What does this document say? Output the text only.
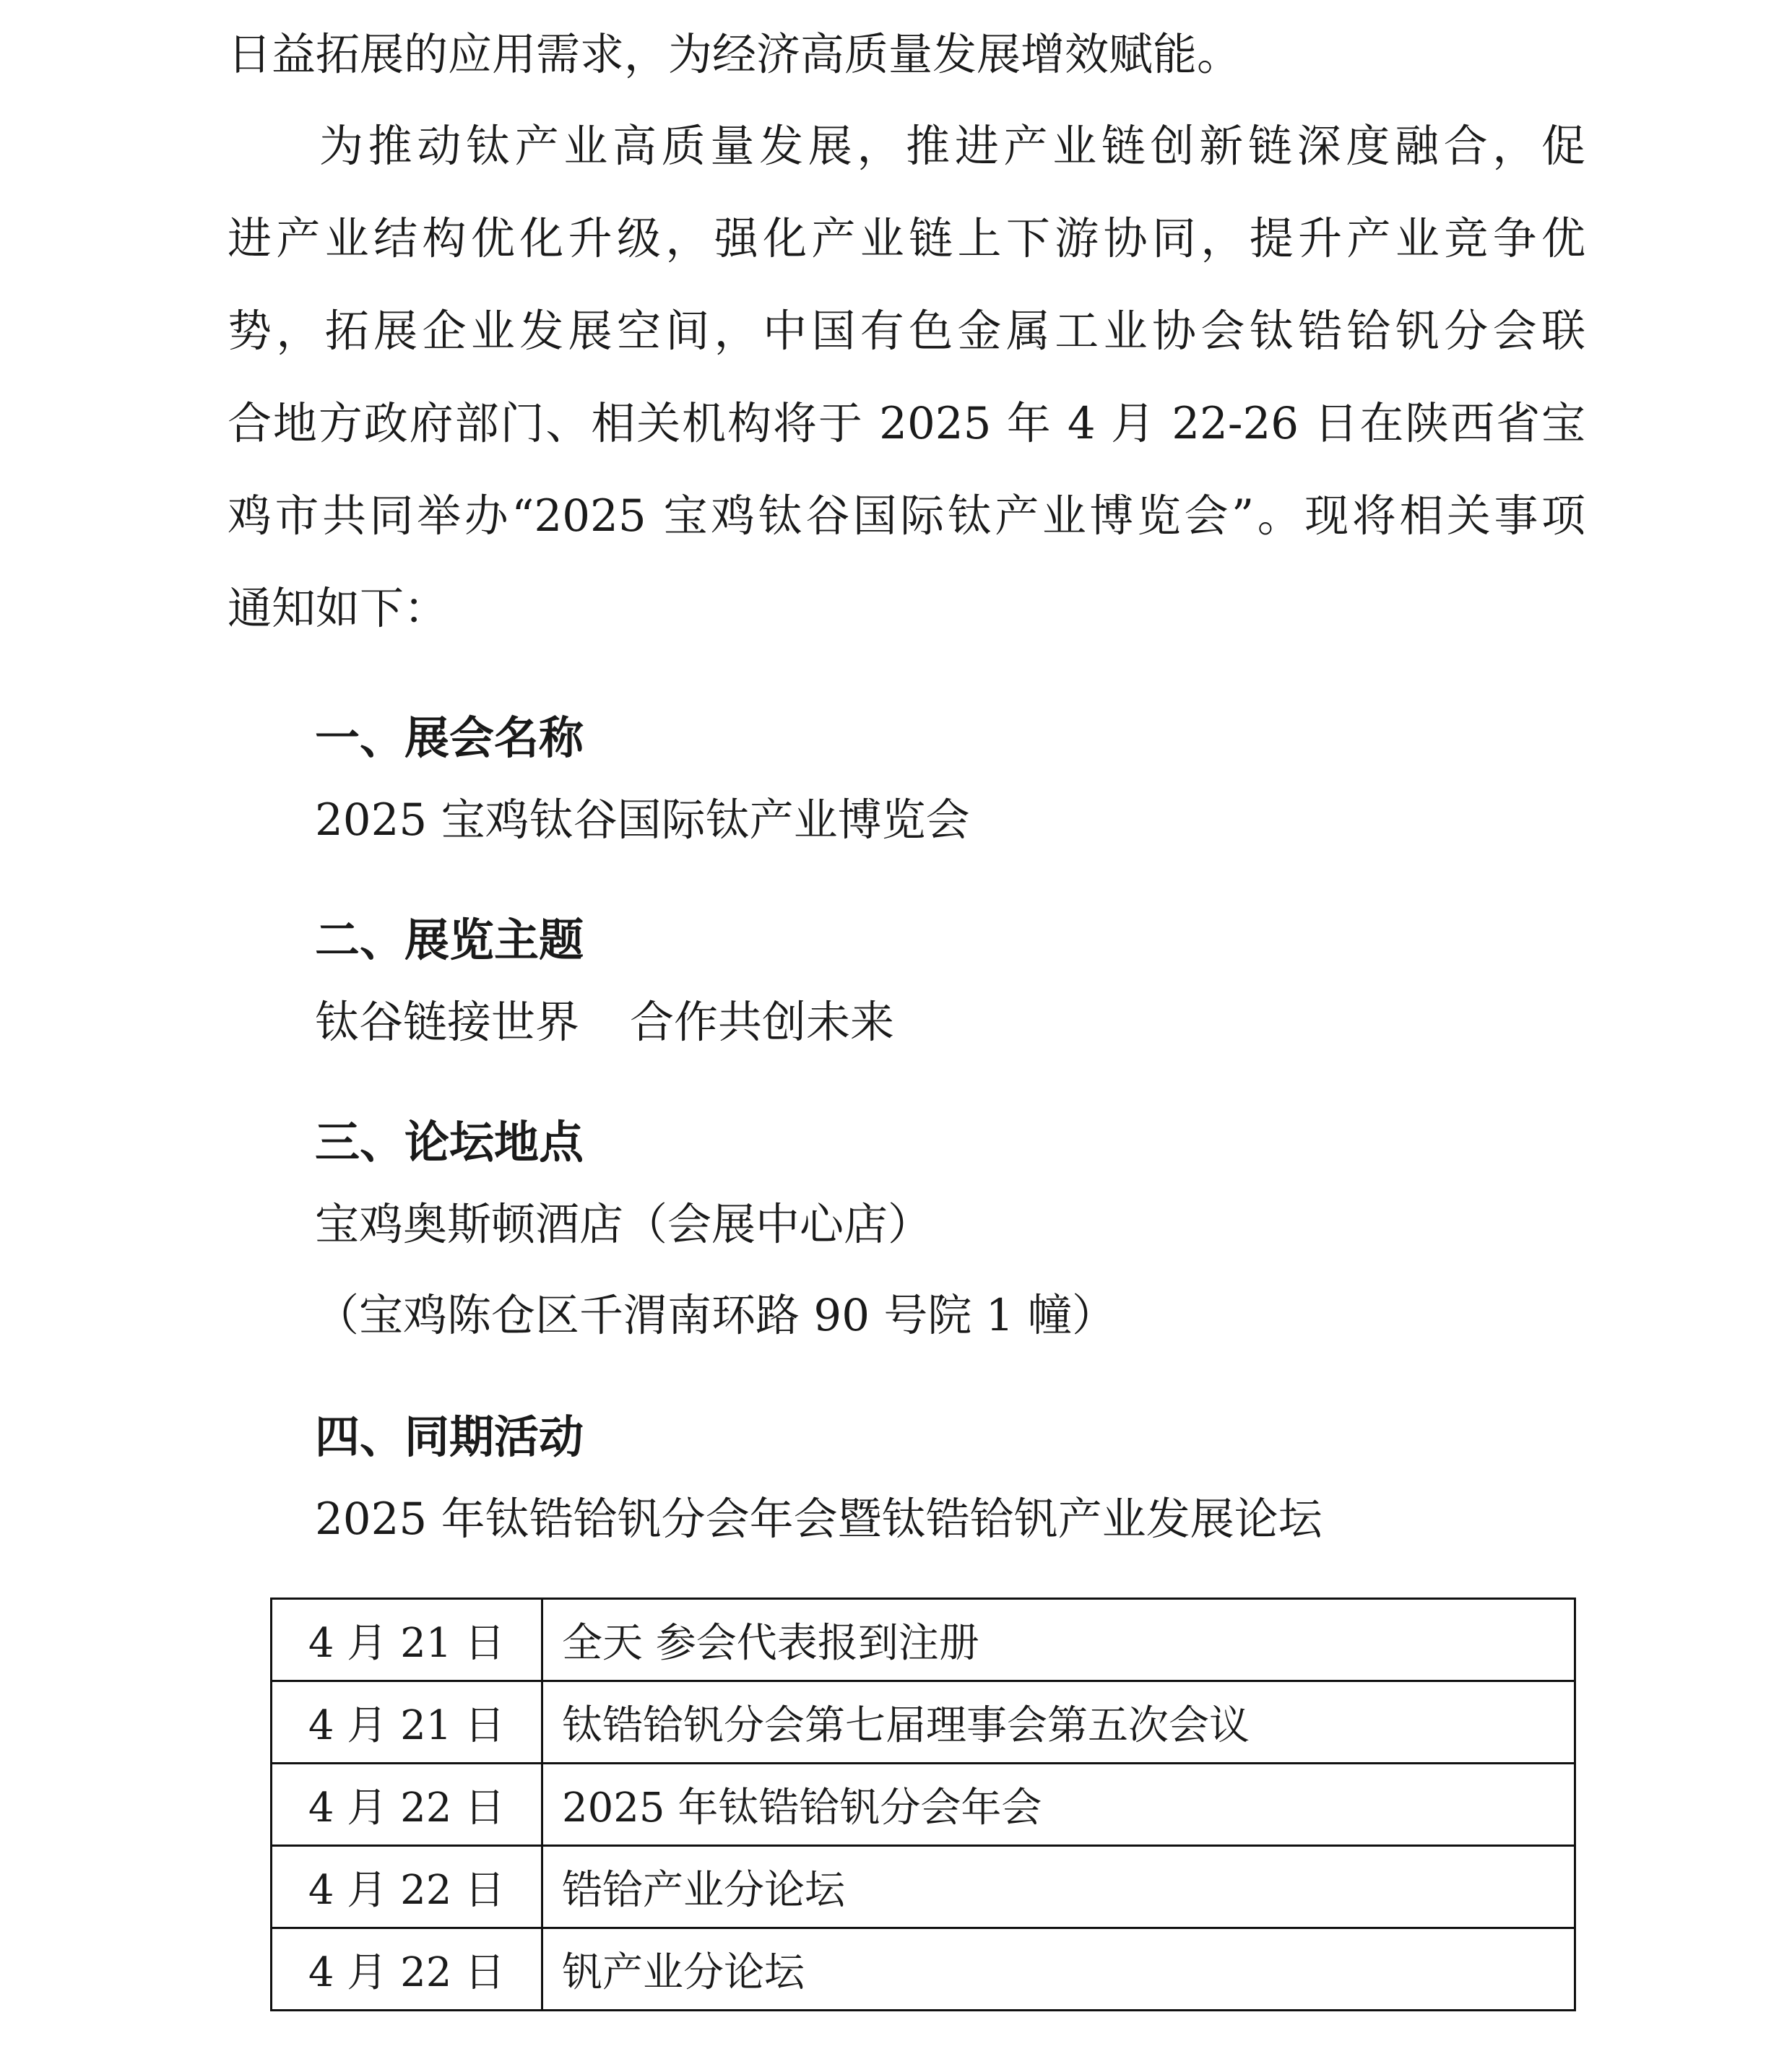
日益拓展的应用需求，为经济高质量发展增效赋能。
为推动钛产业高质量发展，推进产业链创新链深度融合，促
进产业结构优化升级，强化产业链上下游协同，提升产业竞争优
势，拓展企业发展空间，中国有色金属工业协会钛锆铪钒分会联
合地方政府部门、相关机构将于 2025 年 4 月 22-26 日在陕西省宝
鸡市共同举办“2025 宝鸡钛谷国际钛产业博览会”。现将相关事项
通知如下：
一、展会名称
2025 宝鸡钛谷国际钛产业博览会
二、展览主题
钛谷链接世界 合作共创未来
三、论坛地点
宝鸡奥斯顿酒店（会展中心店）
（宝鸡陈仓区千渭南环路 90 号院 1 幢）
四、同期活动
2025 年钛锆铪钒分会年会暨钛锆铪钒产业发展论坛
4 月 21 日	全天 参会代表报到注册
4 月 21 日	钛锆铪钒分会第七届理事会第五次会议
4 月 22 日	2025 年钛锆铪钒分会年会
4 月 22 日	锆铪产业分论坛
4 月 22 日	钒产业分论坛
